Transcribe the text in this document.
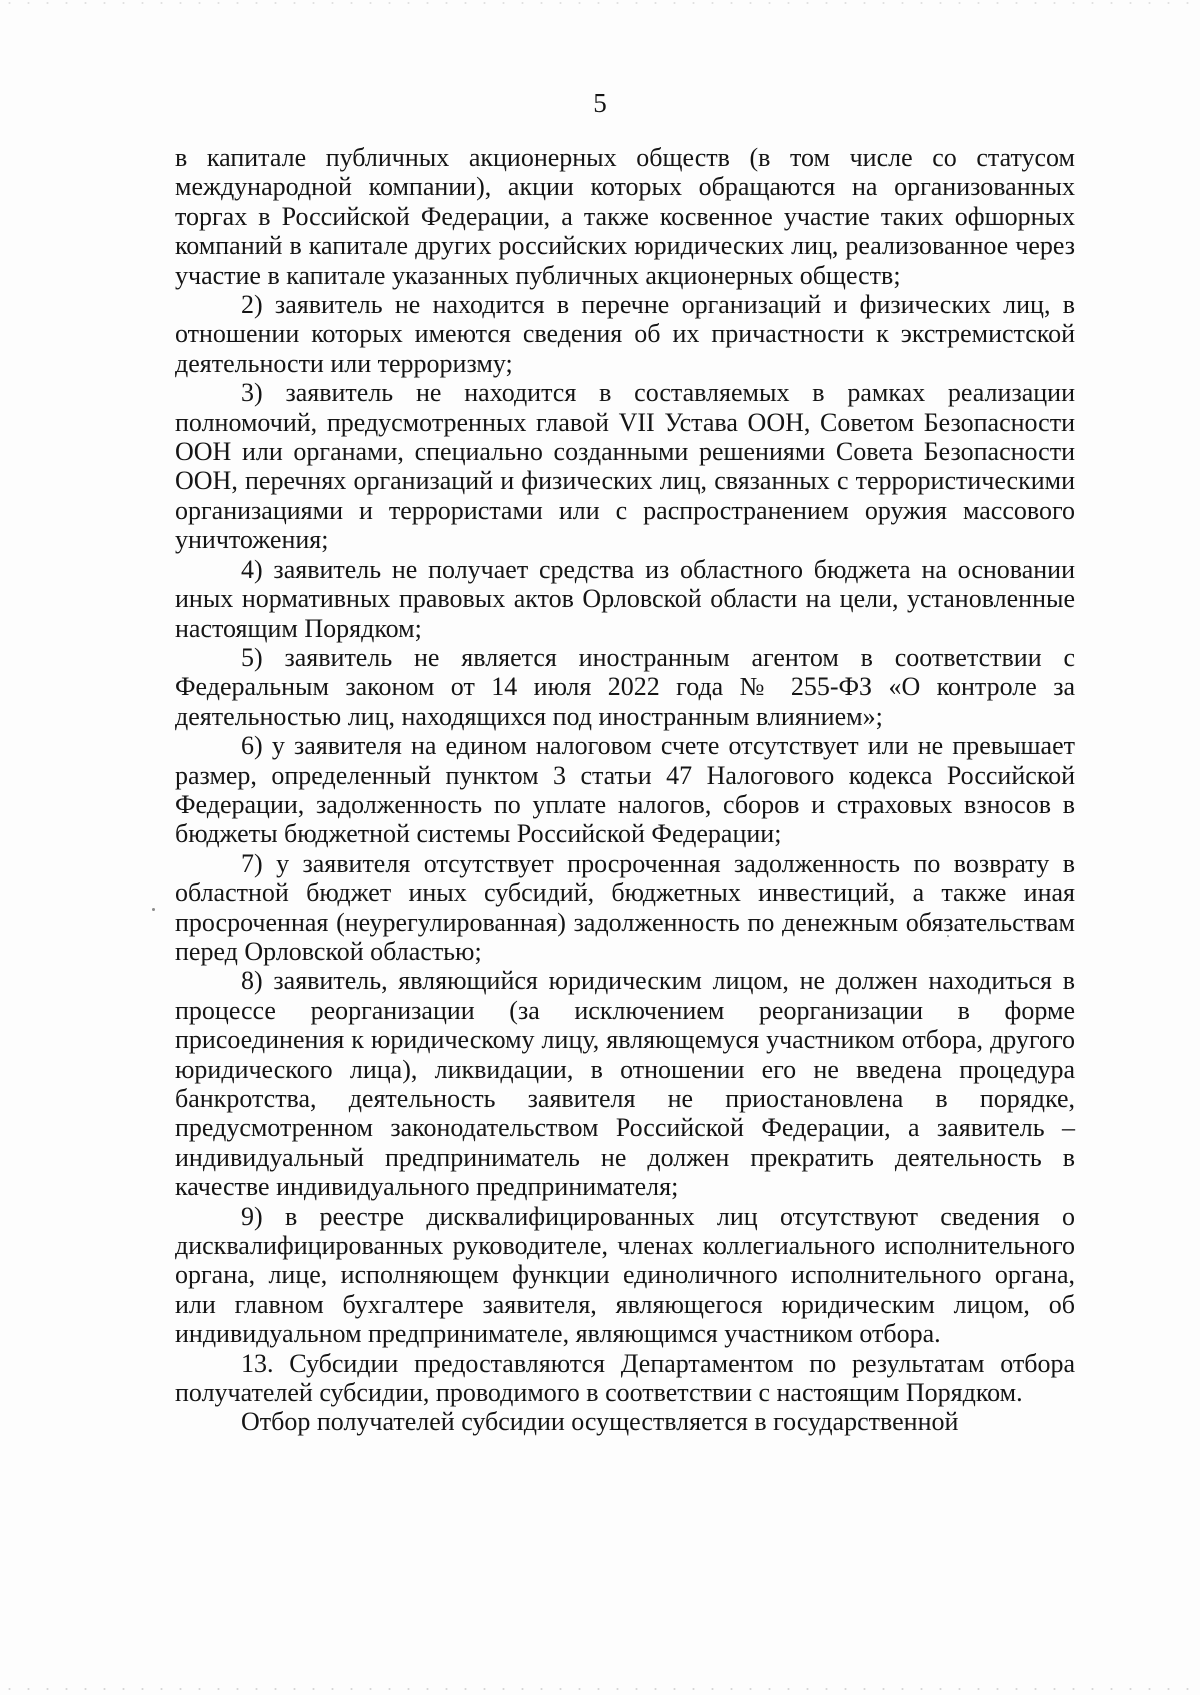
5

в капитале публичных акционерных обществ (в том числе со статусом международной компании), акции которых обращаются на организованных торгах в Российской Федерации, а также косвенное участие таких офшорных компаний в капитале других российских юридических лиц, реализованное через участие в капитале указанных публичных акционерных обществ;

2) заявитель не находится в перечне организаций и физических лиц, в отношении которых имеются сведения об их причастности к экстремистской деятельности или терроризму;

3) заявитель не находится в составляемых в рамках реализации полномочий, предусмотренных главой VII Устава ООН, Советом Безопасности ООН или органами, специально созданными решениями Совета Безопасности ООН, перечнях организаций и физических лиц, связанных с террористическими организациями и террористами или с распространением оружия массового уничтожения;

4) заявитель не получает средства из областного бюджета на основании иных нормативных правовых актов Орловской области на цели, установленные настоящим Порядком;

5) заявитель не является иностранным агентом в соответствии с Федеральным законом от 14 июля 2022 года № 255-ФЗ «О контроле за деятельностью лиц, находящихся под иностранным влиянием»;

6) у заявителя на едином налоговом счете отсутствует или не превышает размер, определенный пунктом 3 статьи 47 Налогового кодекса Российской Федерации, задолженность по уплате налогов, сборов и страховых взносов в бюджеты бюджетной системы Российской Федерации;

7) у заявителя отсутствует просроченная задолженность по возврату в областной бюджет иных субсидий, бюджетных инвестиций, а также иная просроченная (неурегулированная) задолженность по денежным обязательствам перед Орловской областью;

8) заявитель, являющийся юридическим лицом, не должен находиться в процессе реорганизации (за исключением реорганизации в форме присоединения к юридическому лицу, являющемуся участником отбора, другого юридического лица), ликвидации, в отношении его не введена процедура банкротства, деятельность заявителя не приостановлена в порядке, предусмотренном законодательством Российской Федерации, а заявитель – индивидуальный предприниматель не должен прекратить деятельность в качестве индивидуального предпринимателя;

9) в реестре дисквалифицированных лиц отсутствуют сведения о дисквалифицированных руководителе, членах коллегиального исполнительного органа, лице, исполняющем функции единоличного исполнительного органа, или главном бухгалтере заявителя, являющегося юридическим лицом, об индивидуальном предпринимателе, являющимся участником отбора.

13. Субсидии предоставляются Департаментом по результатам отбора получателей субсидии, проводимого в соответствии с настоящим Порядком.

Отбор получателей субсидии осуществляется в государственной
